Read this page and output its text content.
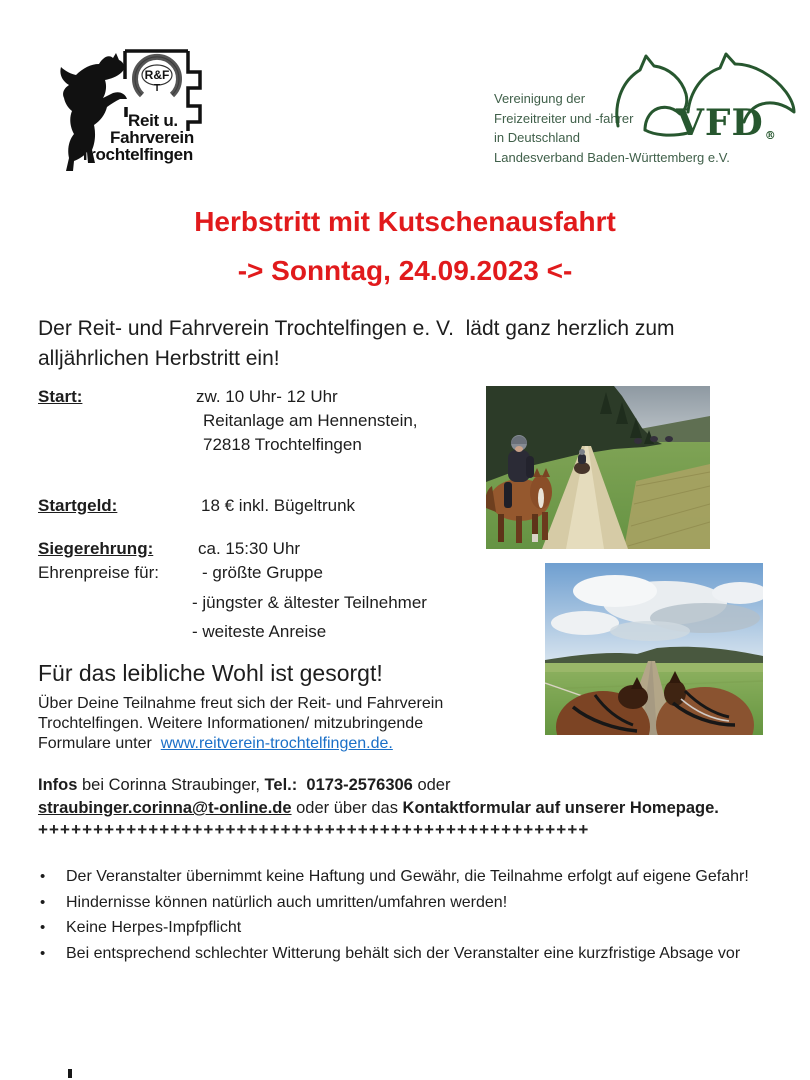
R&F
T
Reit u.
Fahrverein
Trochtelfingen
Vereinigung der
Freizeitreiter und -fahrer
in Deutschland
Landesverband Baden-Württemberg e.V.
VFD®
Herbstritt mit Kutschenausfahrt
-> Sonntag, 24.09.2023 <-
Der Reit- und Fahrverein Trochtelfingen e. V.  lädt ganz herzlich zum alljährlichen Herbstritt ein!
Start:	zw. 10 Uhr- 12 Uhr
Reitanlage am Hennenstein,
72818 Trochtelfingen
Startgeld:	18 € inkl. Bügeltrunk
Siegerehrung:	ca. 15:30 Uhr
Ehrenpreise für:	- größte Gruppe
- jüngster & ältester Teilnehmer
- weiteste Anreise
Für das leibliche Wohl ist gesorgt!
Über Deine Teilnahme freut sich der Reit- und Fahrverein
Trochtelfingen. Weitere Informationen/ mitzubringende
Formulare unter  www.reitverein-trochtelfingen.de.
Infos bei Corinna Straubinger, Tel.:  0173-2576306 oder
straubinger.corinna@t-online.de oder über das Kontaktformular auf unserer Homepage.
++++++++++++++++++++++++++++++++++++++++++++++++++
• Der Veranstalter übernimmt keine Haftung und Gewähr, die Teilnahme erfolgt auf eigene Gefahr!
• Hindernisse können natürlich auch umritten/umfahren werden!
• Keine Herpes-Impfpflicht
• Bei entsprechend schlechter Witterung behält sich der Veranstalter eine kurzfristige Absage vor
